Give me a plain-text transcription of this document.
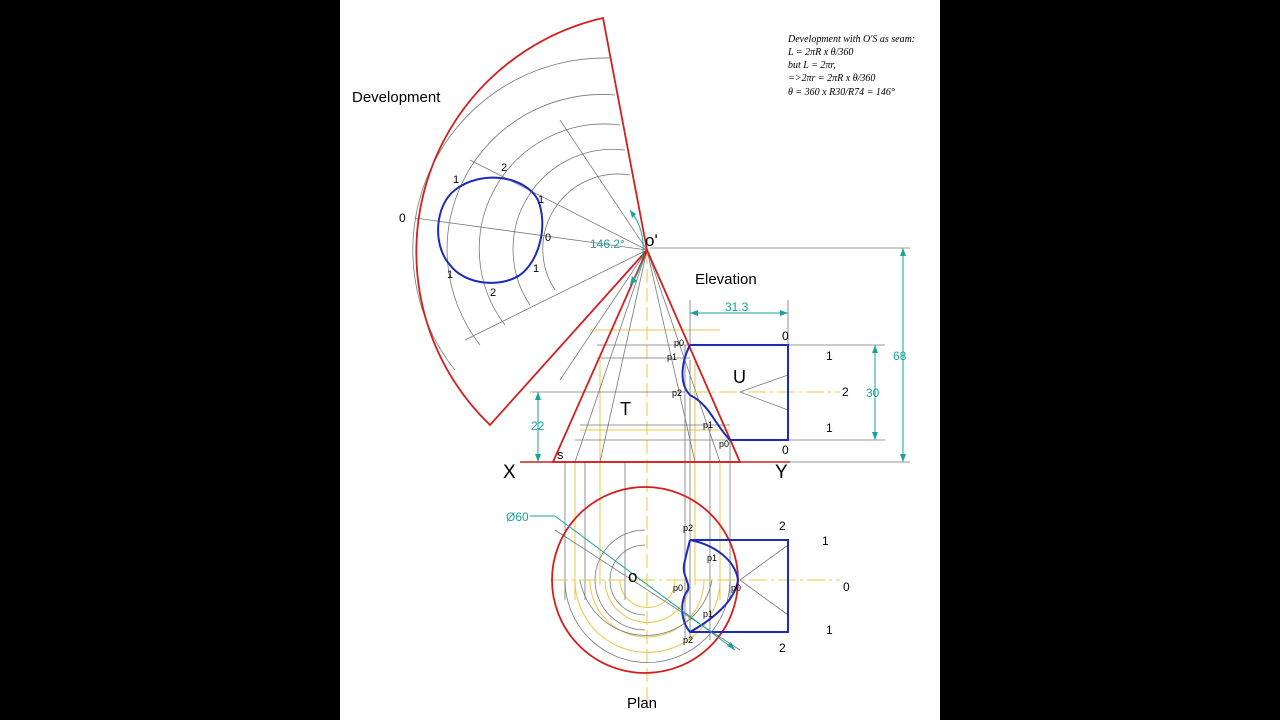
Development
Elevation
Plan
X	Y
T
U
o'
o
s
146.2°
31.3
68
30
22
Ø60
0
1
2
1
0
1
2
1
0
1
2
1
0
2
1
0
1
2
p0
p1
p2
p1
p0
p2
p1
p0	p0
p1
p2
Development with O'S as seam:
L = 2πR x θ/360
but L = 2πr,
=>2πr = 2πR x θ/360
θ = 360 x R30/R74 = 146°
